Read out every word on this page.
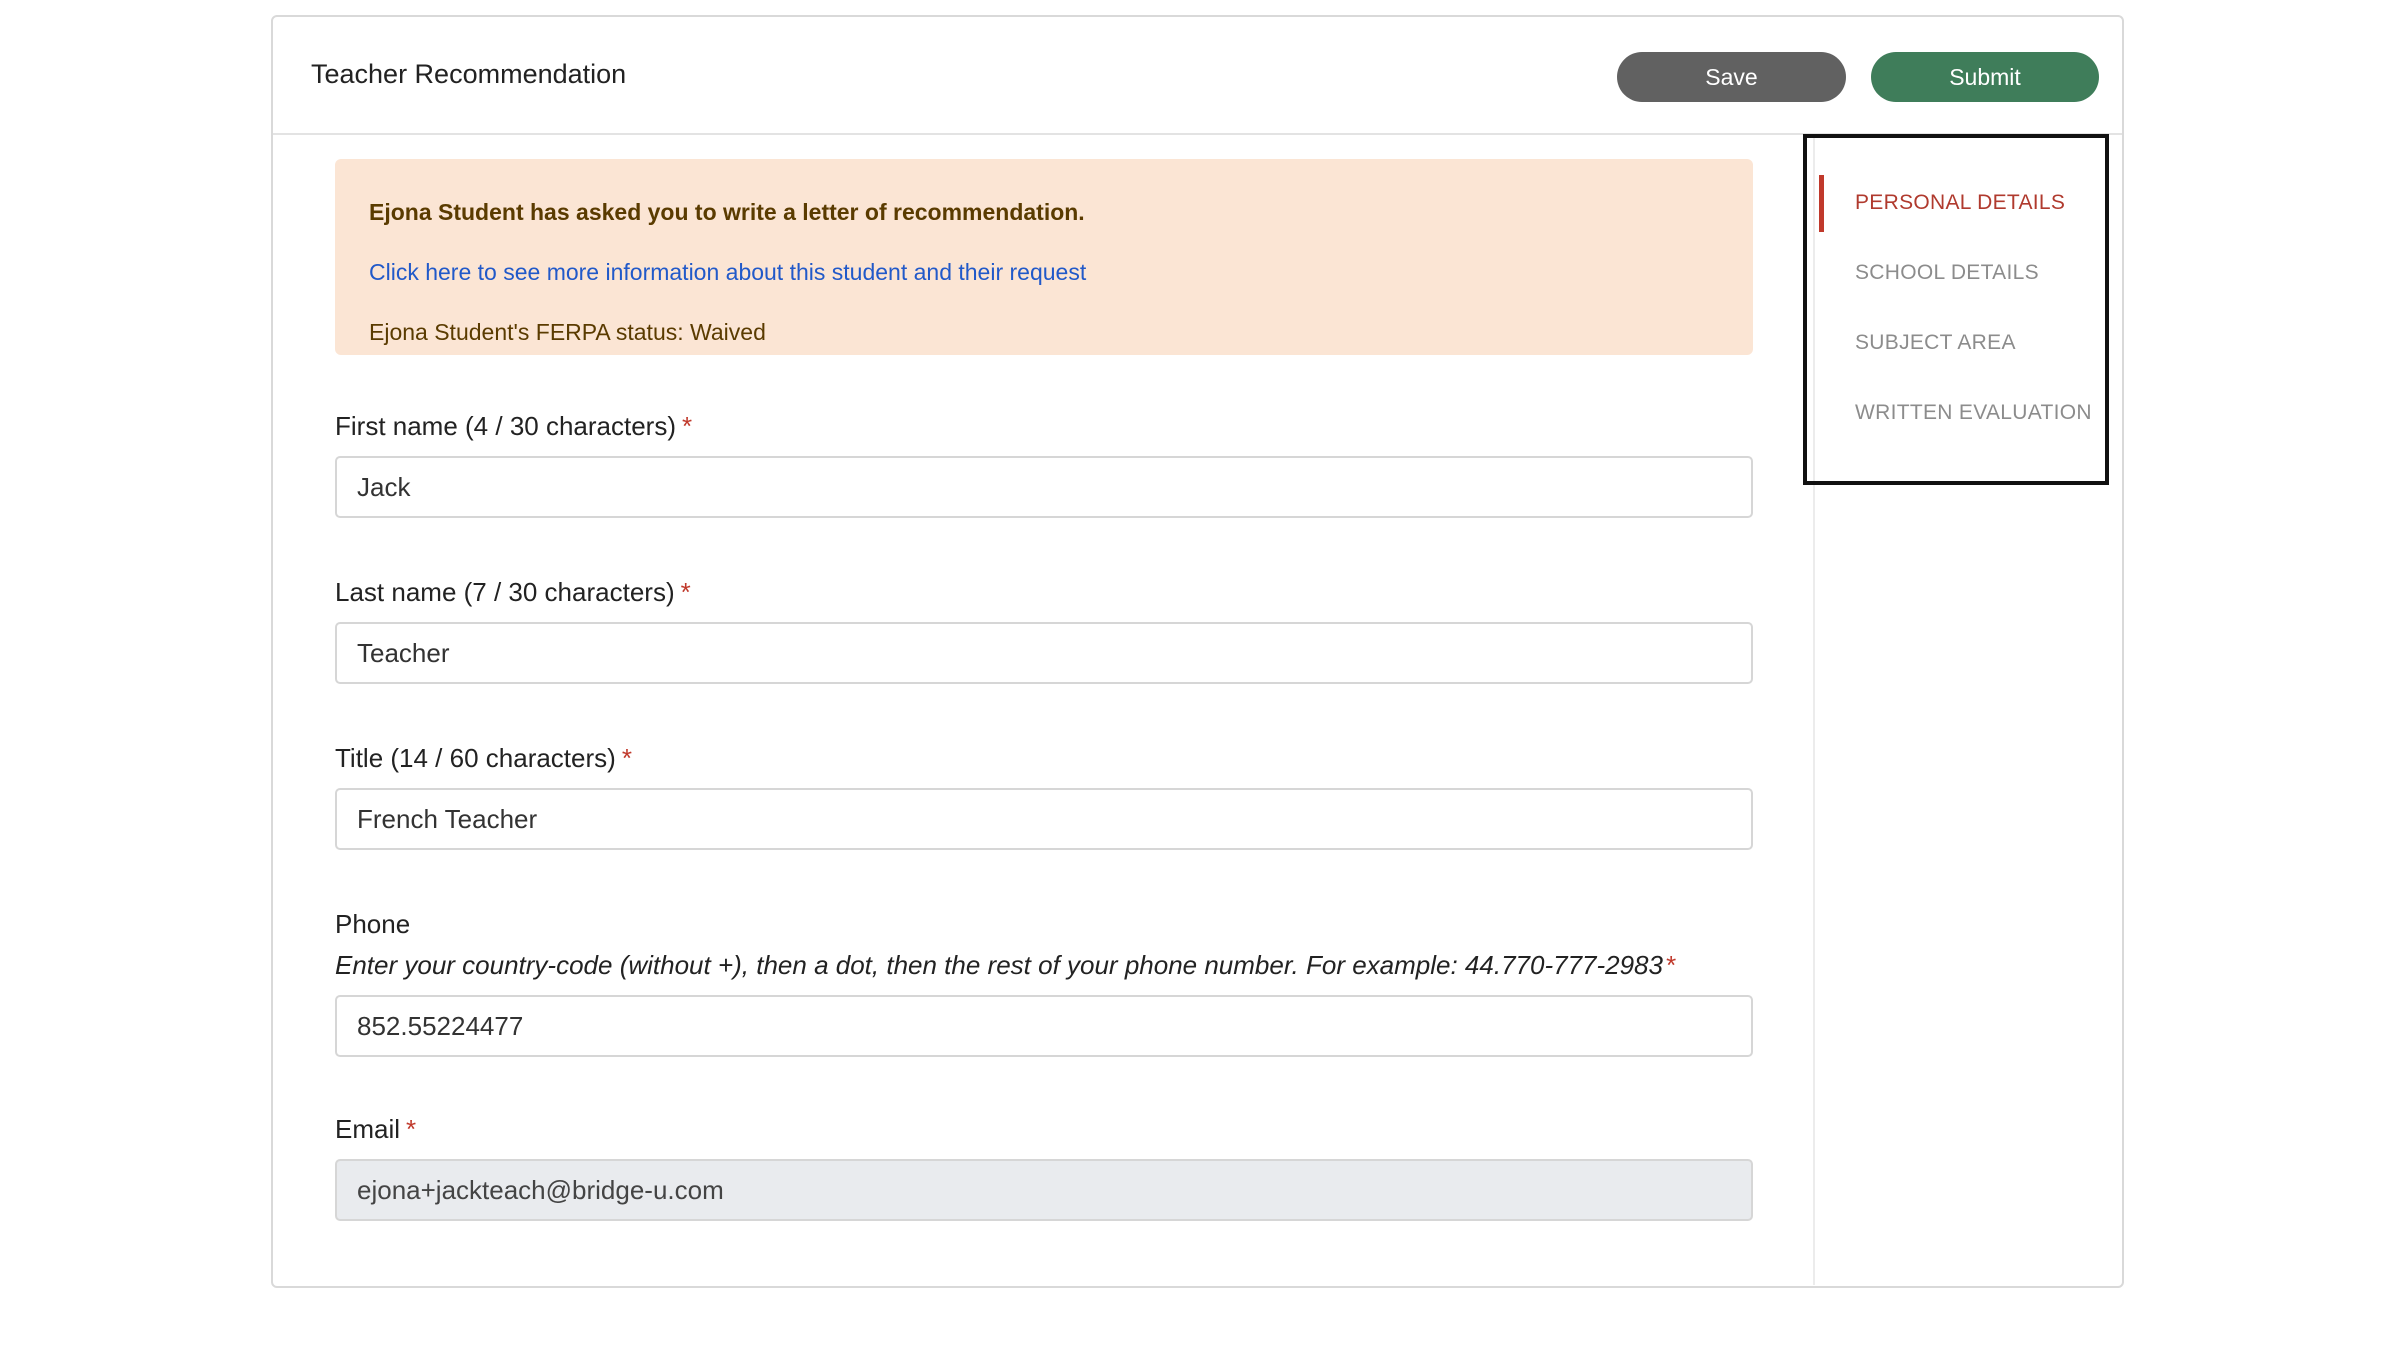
Teacher Recommendation	Save	Submit
Ejona Student has asked you to write a letter of recommendation.
Click here to see more information about this student and their request
Ejona Student's FERPA status: Waived
First name (4 / 30 characters) *
Jack
Last name (7 / 30 characters) *
Teacher
Title (14 / 60 characters) *
French Teacher
Phone
Enter your country-code (without +), then a dot, then the rest of your phone number. For example: 44.770-777-2983*
852.55224477
Email *
ejona+jackteach@bridge-u.com
PERSONAL DETAILS
SCHOOL DETAILS
SUBJECT AREA
WRITTEN EVALUATION
